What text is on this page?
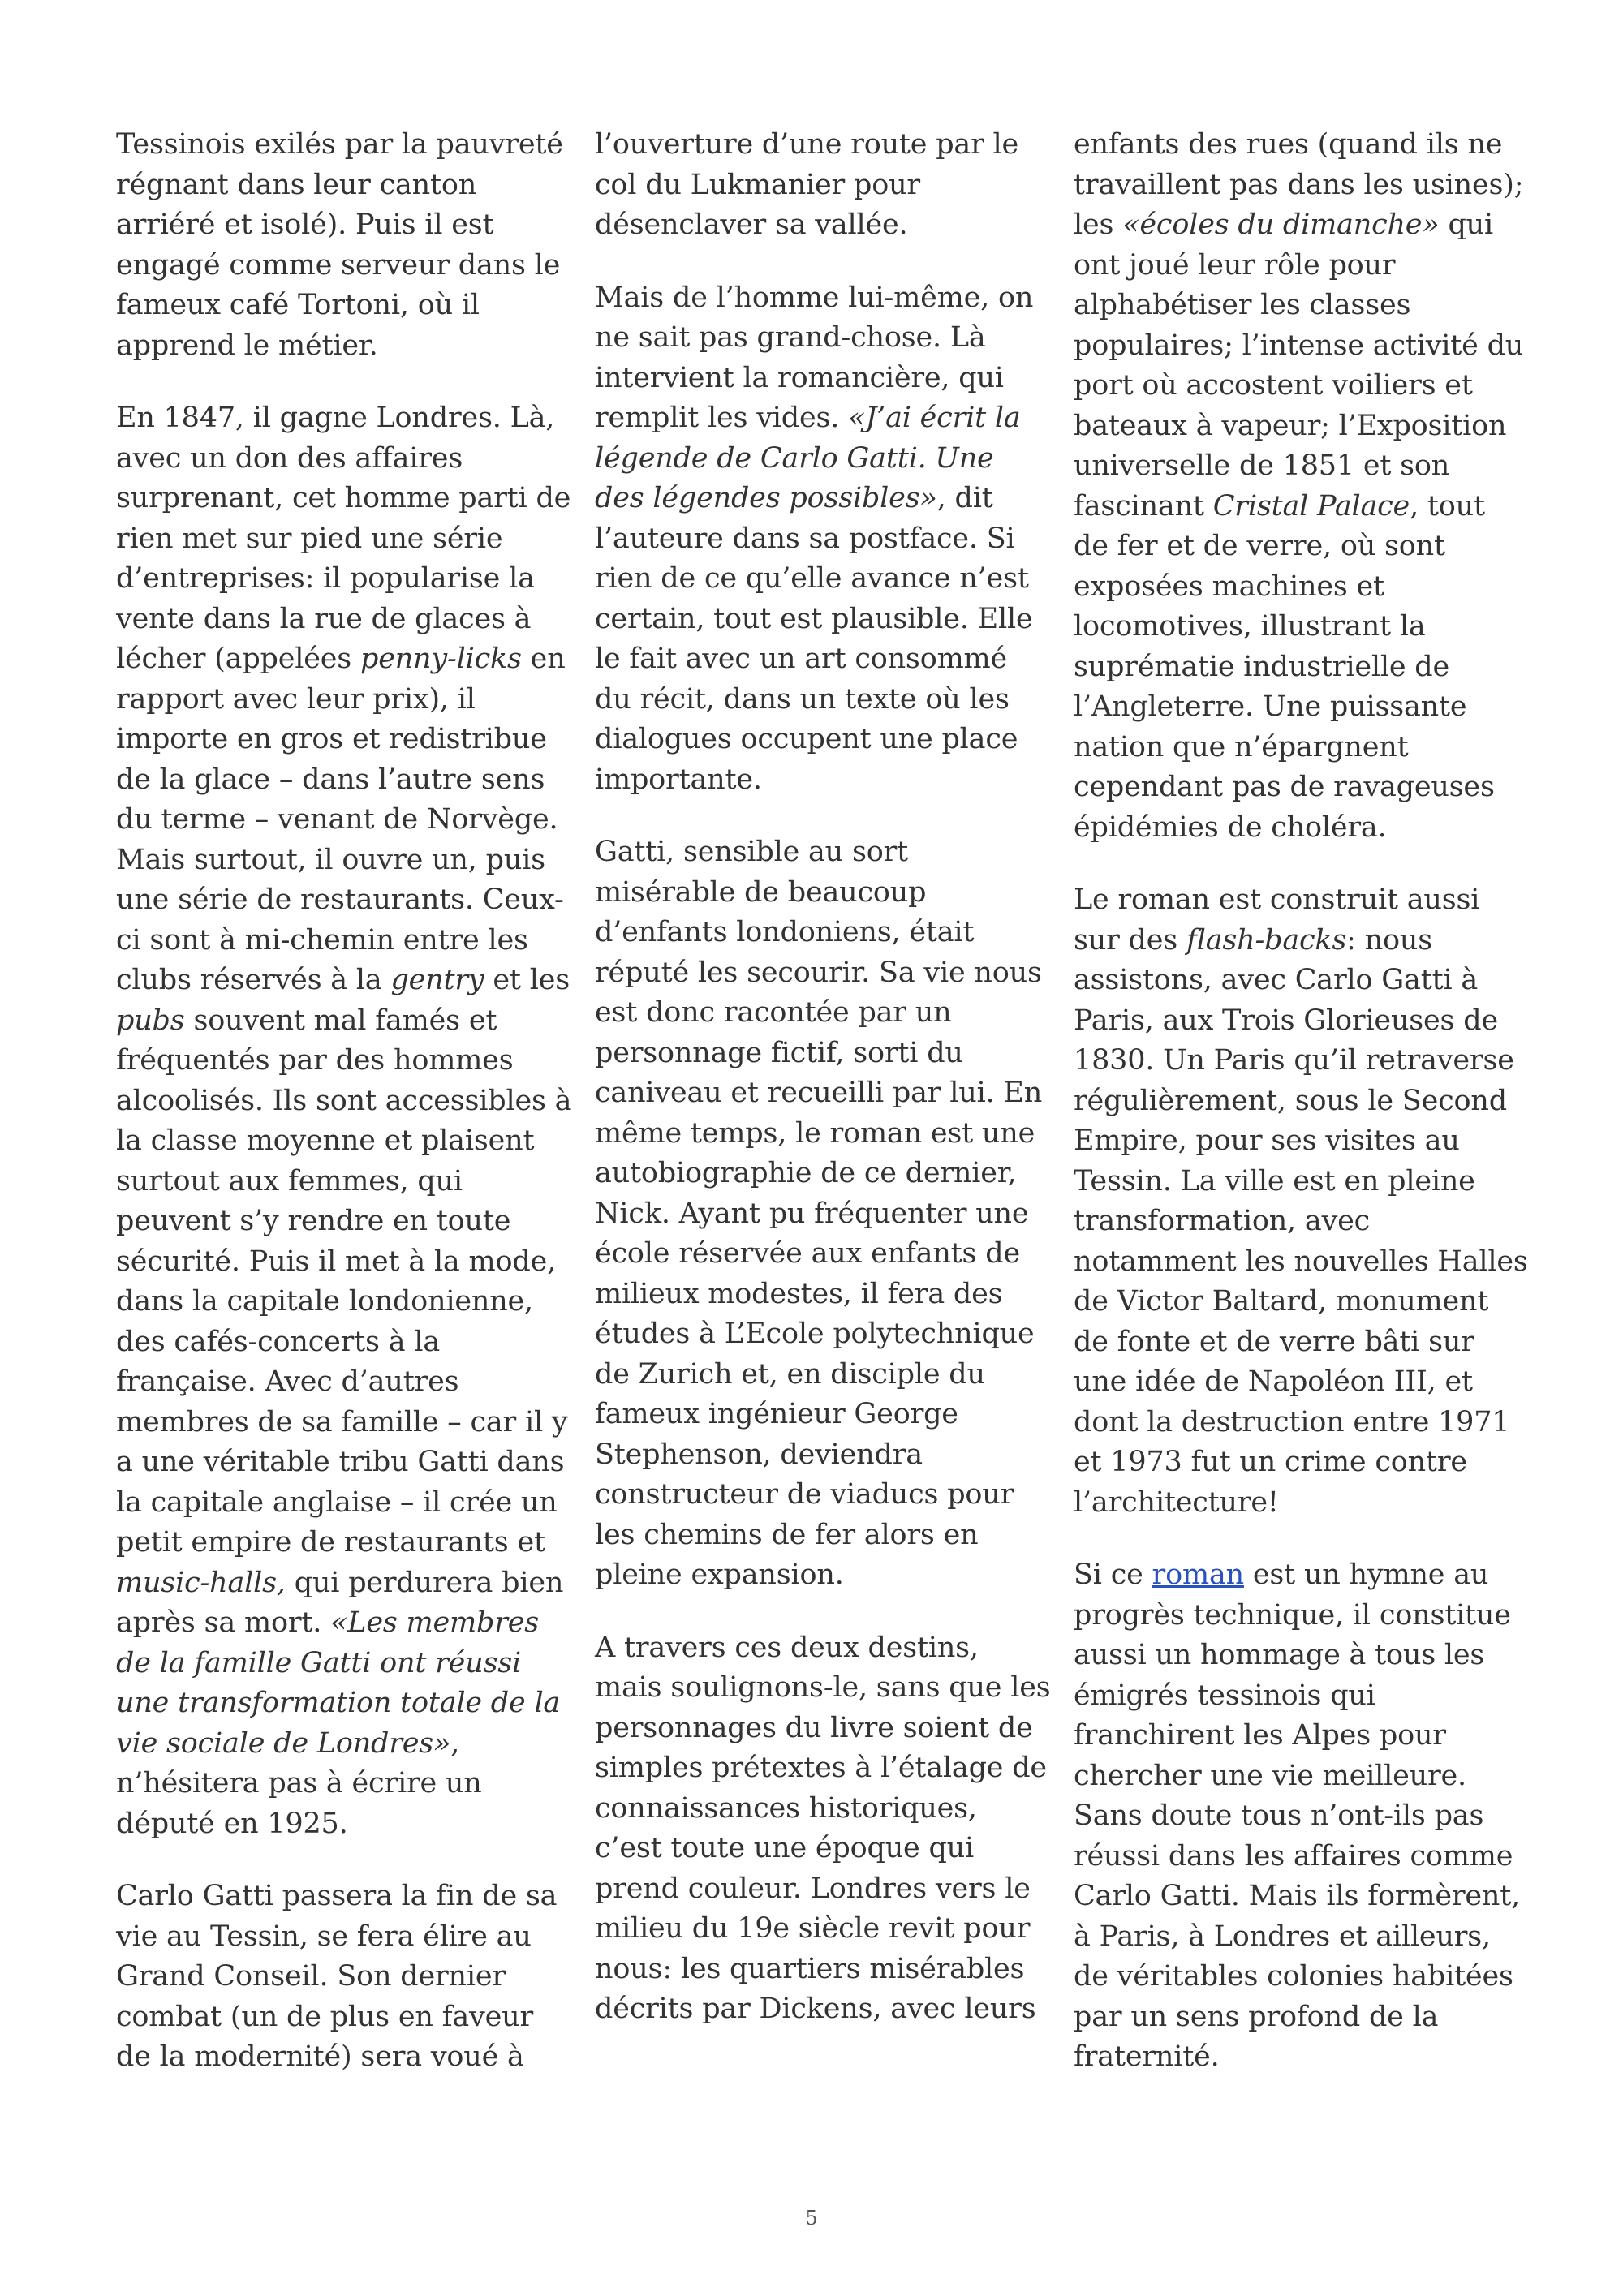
Tessinois exilés par la pauvreté
régnant dans leur canton
arriéré et isolé). Puis il est
engagé comme serveur dans le
fameux café Tortoni, où il
apprend le métier.

En 1847, il gagne Londres. Là,
avec un don des affaires
surprenant, cet homme parti de
rien met sur pied une série
d’entreprises: il popularise la
vente dans la rue de glaces à
lécher (appelées penny-licks en
rapport avec leur prix), il
importe en gros et redistribue
de la glace – dans l’autre sens
du terme – venant de Norvège.
Mais surtout, il ouvre un, puis
une série de restaurants. Ceux-
ci sont à mi-chemin entre les
clubs réservés à la gentry et les
pubs souvent mal famés et
fréquentés par des hommes
alcoolisés. Ils sont accessibles à
la classe moyenne et plaisent
surtout aux femmes, qui
peuvent s’y rendre en toute
sécurité. Puis il met à la mode,
dans la capitale londonienne,
des cafés-concerts à la
française. Avec d’autres
membres de sa famille – car il y
a une véritable tribu Gatti dans
la capitale anglaise – il crée un
petit empire de restaurants et
music-halls, qui perdurera bien
après sa mort. «Les membres
de la famille Gatti ont réussi
une transformation totale de la
vie sociale de Londres»,
n’hésitera pas à écrire un
député en 1925.

Carlo Gatti passera la fin de sa
vie au Tessin, se fera élire au
Grand Conseil. Son dernier
combat (un de plus en faveur
de la modernité) sera voué à

l’ouverture d’une route par le
col du Lukmanier pour
désenclaver sa vallée.

Mais de l’homme lui-même, on
ne sait pas grand-chose. Là
intervient la romancière, qui
remplit les vides. «J’ai écrit la
légende de Carlo Gatti. Une
des légendes possibles», dit
l’auteure dans sa postface. Si
rien de ce qu’elle avance n’est
certain, tout est plausible. Elle
le fait avec un art consommé
du récit, dans un texte où les
dialogues occupent une place
importante.

Gatti, sensible au sort
misérable de beaucoup
d’enfants londoniens, était
réputé les secourir. Sa vie nous
est donc racontée par un
personnage fictif, sorti du
caniveau et recueilli par lui. En
même temps, le roman est une
autobiographie de ce dernier,
Nick. Ayant pu fréquenter une
école réservée aux enfants de
milieux modestes, il fera des
études à L’Ecole polytechnique
de Zurich et, en disciple du
fameux ingénieur George
Stephenson, deviendra
constructeur de viaducs pour
les chemins de fer alors en
pleine expansion.

A travers ces deux destins,
mais soulignons-le, sans que les
personnages du livre soient de
simples prétextes à l’étalage de
connaissances historiques,
c’est toute une époque qui
prend couleur. Londres vers le
milieu du 19e siècle revit pour
nous: les quartiers misérables
décrits par Dickens, avec leurs

enfants des rues (quand ils ne
travaillent pas dans les usines);
les «écoles du dimanche» qui
ont joué leur rôle pour
alphabétiser les classes
populaires; l’intense activité du
port où accostent voiliers et
bateaux à vapeur; l’Exposition
universelle de 1851 et son
fascinant Cristal Palace, tout
de fer et de verre, où sont
exposées machines et
locomotives, illustrant la
suprématie industrielle de
l’Angleterre. Une puissante
nation que n’épargnent
cependant pas de ravageuses
épidémies de choléra.

Le roman est construit aussi
sur des flash-backs: nous
assistons, avec Carlo Gatti à
Paris, aux Trois Glorieuses de
1830. Un Paris qu’il retraverse
régulièrement, sous le Second
Empire, pour ses visites au
Tessin. La ville est en pleine
transformation, avec
notamment les nouvelles Halles
de Victor Baltard, monument
de fonte et de verre bâti sur
une idée de Napoléon III, et
dont la destruction entre 1971
et 1973 fut un crime contre
l’architecture!

Si ce roman est un hymne au
progrès technique, il constitue
aussi un hommage à tous les
émigrés tessinois qui
franchirent les Alpes pour
chercher une vie meilleure.
Sans doute tous n’ont-ils pas
réussi dans les affaires comme
Carlo Gatti. Mais ils formèrent,
à Paris, à Londres et ailleurs,
de véritables colonies habitées
par un sens profond de la
fraternité.

5
